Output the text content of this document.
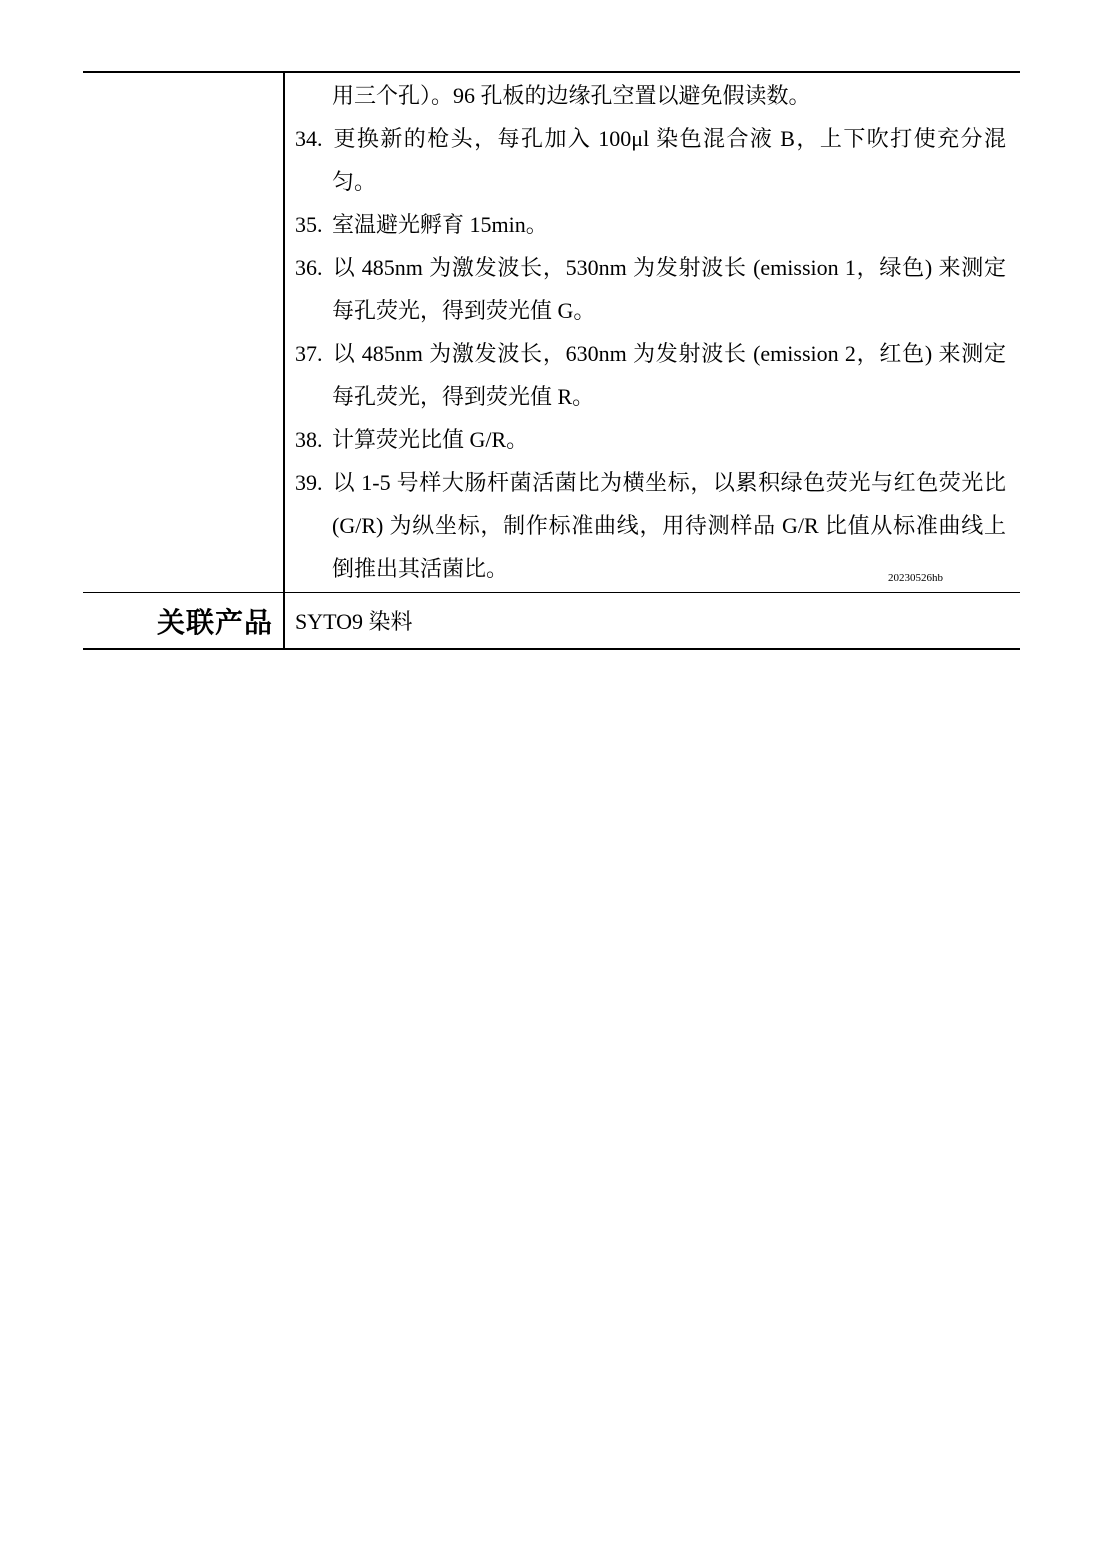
用三个孔）。96 孔板的边缘孔空置以避免假读数。
34. 更换新的枪头，每孔加入 100μl 染色混合液 B，上下吹打使充分混匀。
35. 室温避光孵育 15min。
36. 以 485nm 为激发波长，530nm 为发射波长 (emission 1，绿色) 来测定每孔荧光，得到荧光值 G。
37. 以 485nm 为激发波长，630nm 为发射波长 (emission 2，红色) 来测定每孔荧光，得到荧光值 R。
38. 计算荧光比值 G/R。
39. 以 1-5 号样大肠杆菌活菌比为横坐标，以累积绿色荧光与红色荧光比 (G/R) 为纵坐标，制作标准曲线，用待测样品 G/R 比值从标准曲线上倒推出其活菌比。
关联产品 SYTO9 染料
20230526hb
